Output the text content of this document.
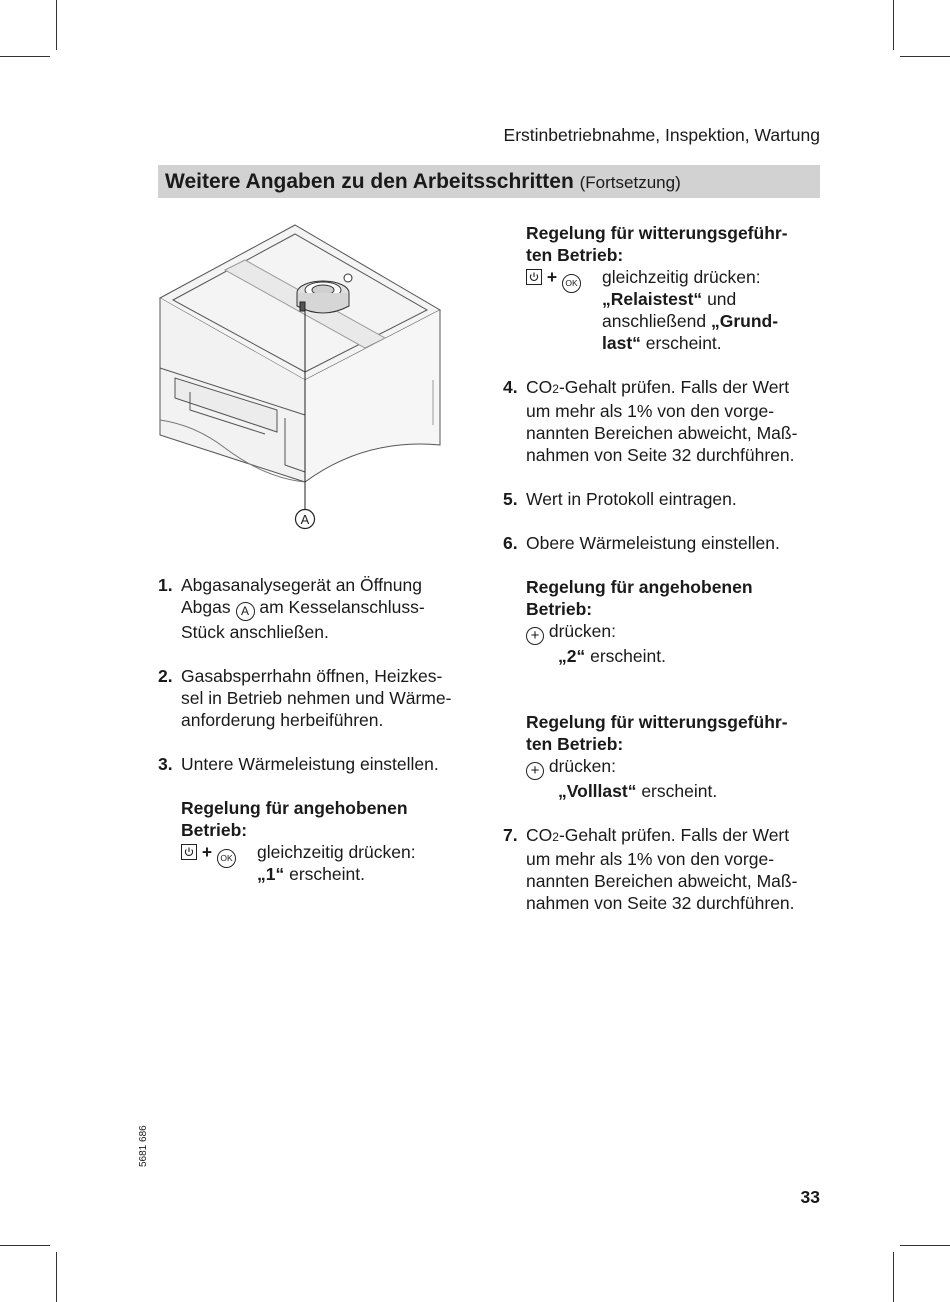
Erstinbetriebnahme, Inspektion, Wartung
Weitere Angaben zu den Arbeitsschritten (Fortsetzung)
A
1. Abgasanalysegerät an Öffnung
Abgas A am Kesselanschluss-
Stück anschließen.
2. Gasabsperrhahn öffnen, Heizkes-
sel in Betrieb nehmen und Wärme-
anforderung herbeiführen.
3. Untere Wärmeleistung einstellen.
Regelung für angehobenen
Betrieb:
+ OK gleichzeitig drücken:
„1“ erscheint.
Regelung für witterungsgeführ-
ten Betrieb:
+ OK gleichzeitig drücken:
„Relaistest“ und
anschließend „Grund-
last“ erscheint.
4. CO2-Gehalt prüfen. Falls der Wert
um mehr als 1% von den vorge-
nannten Bereichen abweicht, Maß-
nahmen von Seite 32 durchführen.
5. Wert in Protokoll eintragen.
6. Obere Wärmeleistung einstellen.
Regelung für angehobenen
Betrieb:
+ drücken:
„2“ erscheint.
Regelung für witterungsgeführ-
ten Betrieb:
+ drücken:
„Volllast“ erscheint.
7. CO2-Gehalt prüfen. Falls der Wert
um mehr als 1% von den vorge-
nannten Bereichen abweicht, Maß-
nahmen von Seite 32 durchführen.
5681 686
33
